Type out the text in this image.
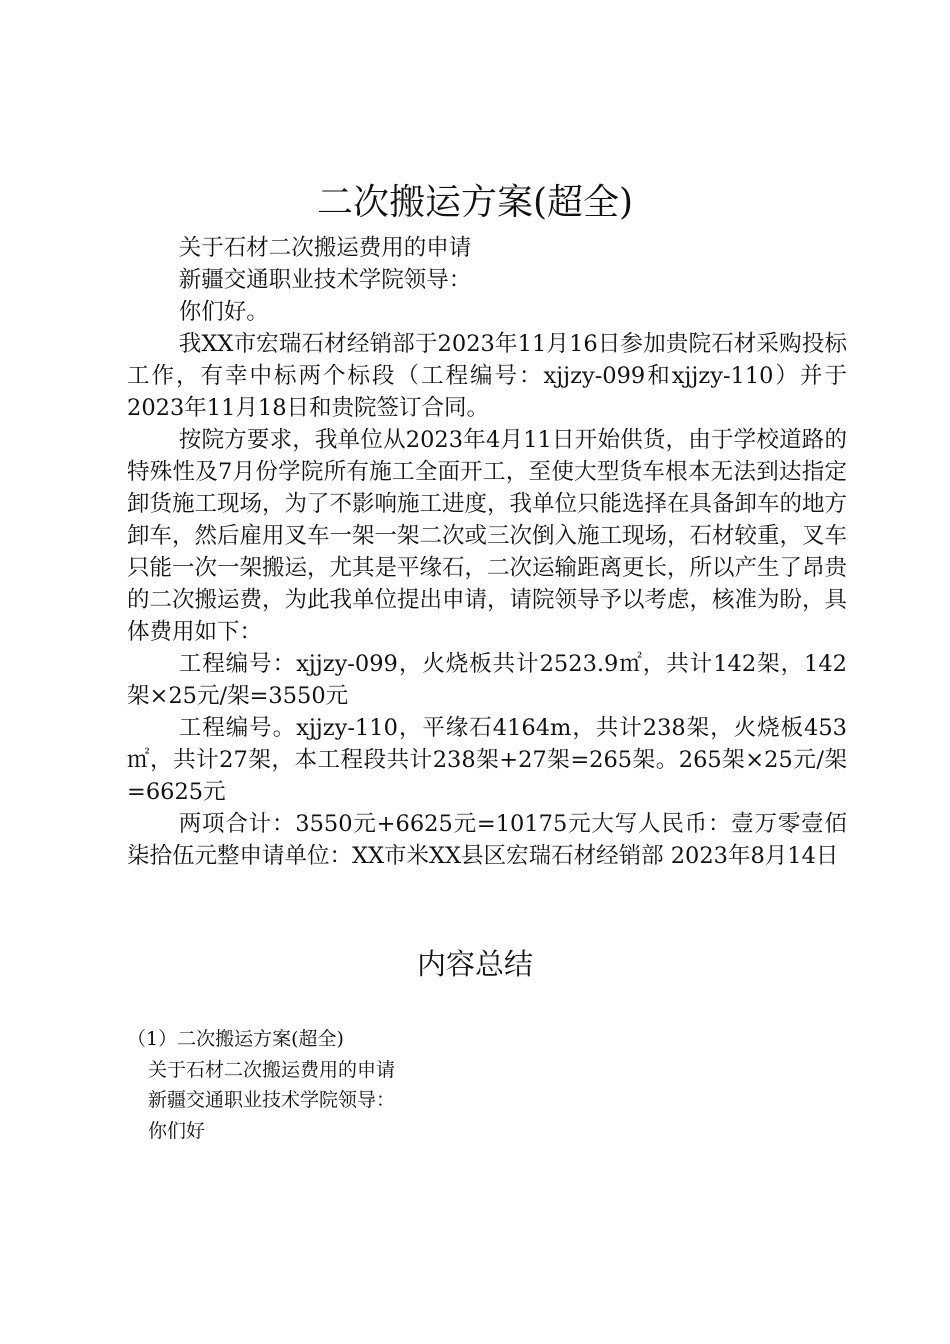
二次搬运方案(超全)

关于石材二次搬运费用的申请

新疆交通职业技术学院领导：

你们好。

我XX市宏瑞石材经销部于2023年11月16日参加贵院石材采购投标工作，有幸中标两个标段（工程编号：xjjzy-099和xjjzy-110）并于2023年11月18日和贵院签订合同。

按院方要求，我单位从2023年4月11日开始供货，由于学校道路的特殊性及7月份学院所有施工全面开工，至使大型货车根本无法到达指定卸货施工现场，为了不影响施工进度，我单位只能选择在具备卸车的地方卸车，然后雇用叉车一架一架二次或三次倒入施工现场，石材较重，叉车只能一次一架搬运，尤其是平缘石，二次运输距离更长，所以产生了昂贵的二次搬运费，为此我单位提出申请，请院领导予以考虑，核准为盼，具体费用如下：

工程编号：xjjzy-099，火烧板共计2523.9㎡，共计142架，142架×25元/架=3550元

工程编号。xjjzy-110，平缘石4164m，共计238架，火烧板453㎡，共计27架，本工程段共计238架+27架=265架。265架×25元/架=6625元

两项合计：3550元+6625元=10175元大写人民币：壹万零壹佰柒拾伍元整申请单位：XX市米XX县区宏瑞石材经销部 2023年8月14日

内容总结
（1）二次搬运方案(超全)
关于石材二次搬运费用的申请
新疆交通职业技术学院领导：
你们好
